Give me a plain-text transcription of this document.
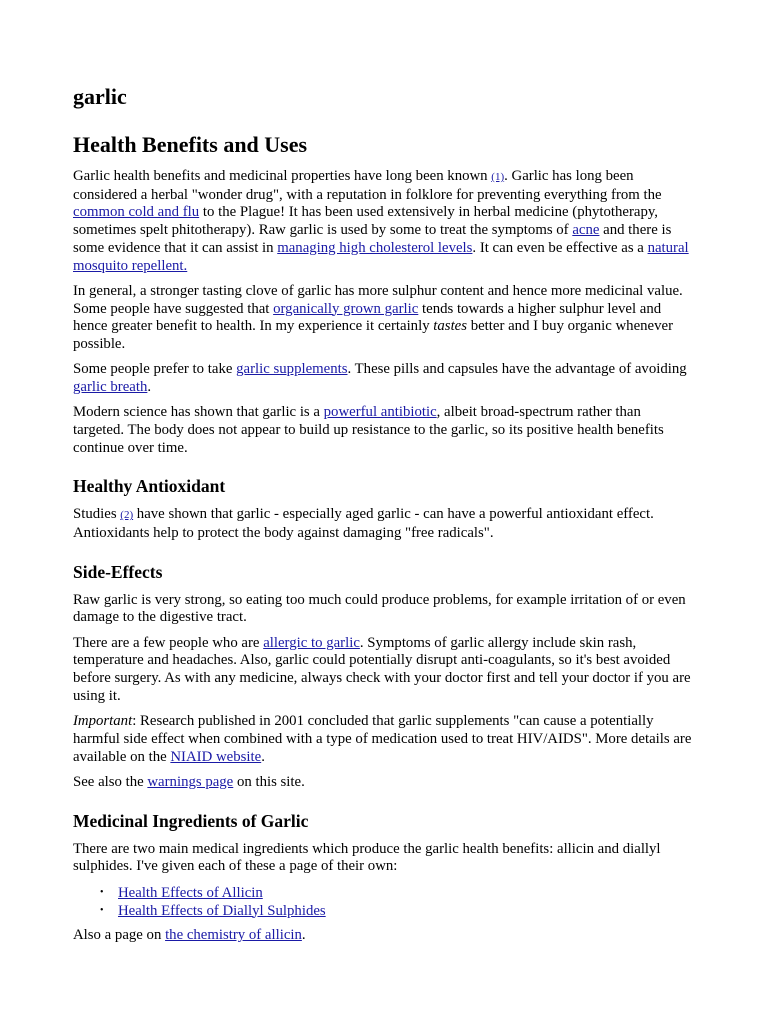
garlic
Health Benefits and Uses

Garlic health benefits and medicinal properties have long been known (1). Garlic has long been considered a herbal "wonder drug", with a reputation in folklore for preventing everything from the common cold and flu to the Plague! It has been used extensively in herbal medicine (phytotherapy, sometimes spelt phitotherapy). Raw garlic is used by some to treat the symptoms of acne and there is some evidence that it can assist in managing high cholesterol levels. It can even be effective as a natural mosquito repellent.

In general, a stronger tasting clove of garlic has more sulphur content and hence more medicinal value. Some people have suggested that organically grown garlic tends towards a higher sulphur level and hence greater benefit to health. In my experience it certainly tastes better and I buy organic whenever possible.

Some people prefer to take garlic supplements. These pills and capsules have the advantage of avoiding garlic breath.

Modern science has shown that garlic is a powerful antibiotic, albeit broad-spectrum rather than targeted. The body does not appear to build up resistance to the garlic, so its positive health benefits continue over time.

Healthy Antioxidant

Studies (2) have shown that garlic - especially aged garlic - can have a powerful antioxidant effect. Antioxidants help to protect the body against damaging "free radicals".

Side-Effects

Raw garlic is very strong, so eating too much could produce problems, for example irritation of or even damage to the digestive tract.

There are a few people who are allergic to garlic. Symptoms of garlic allergy include skin rash, temperature and headaches. Also, garlic could potentially disrupt anti-coagulants, so it's best avoided before surgery. As with any medicine, always check with your doctor first and tell your doctor if you are using it.

Important: Research published in 2001 concluded that garlic supplements "can cause a potentially harmful side effect when combined with a type of medication used to treat HIV/AIDS". More details are available on the NIAID website.

See also the warnings page on this site.

Medicinal Ingredients of Garlic

There are two main medical ingredients which produce the garlic health benefits: allicin and diallyl sulphides. I've given each of these a page of their own:

• Health Effects of Allicin
• Health Effects of Diallyl Sulphides

Also a page on the chemistry of allicin.
